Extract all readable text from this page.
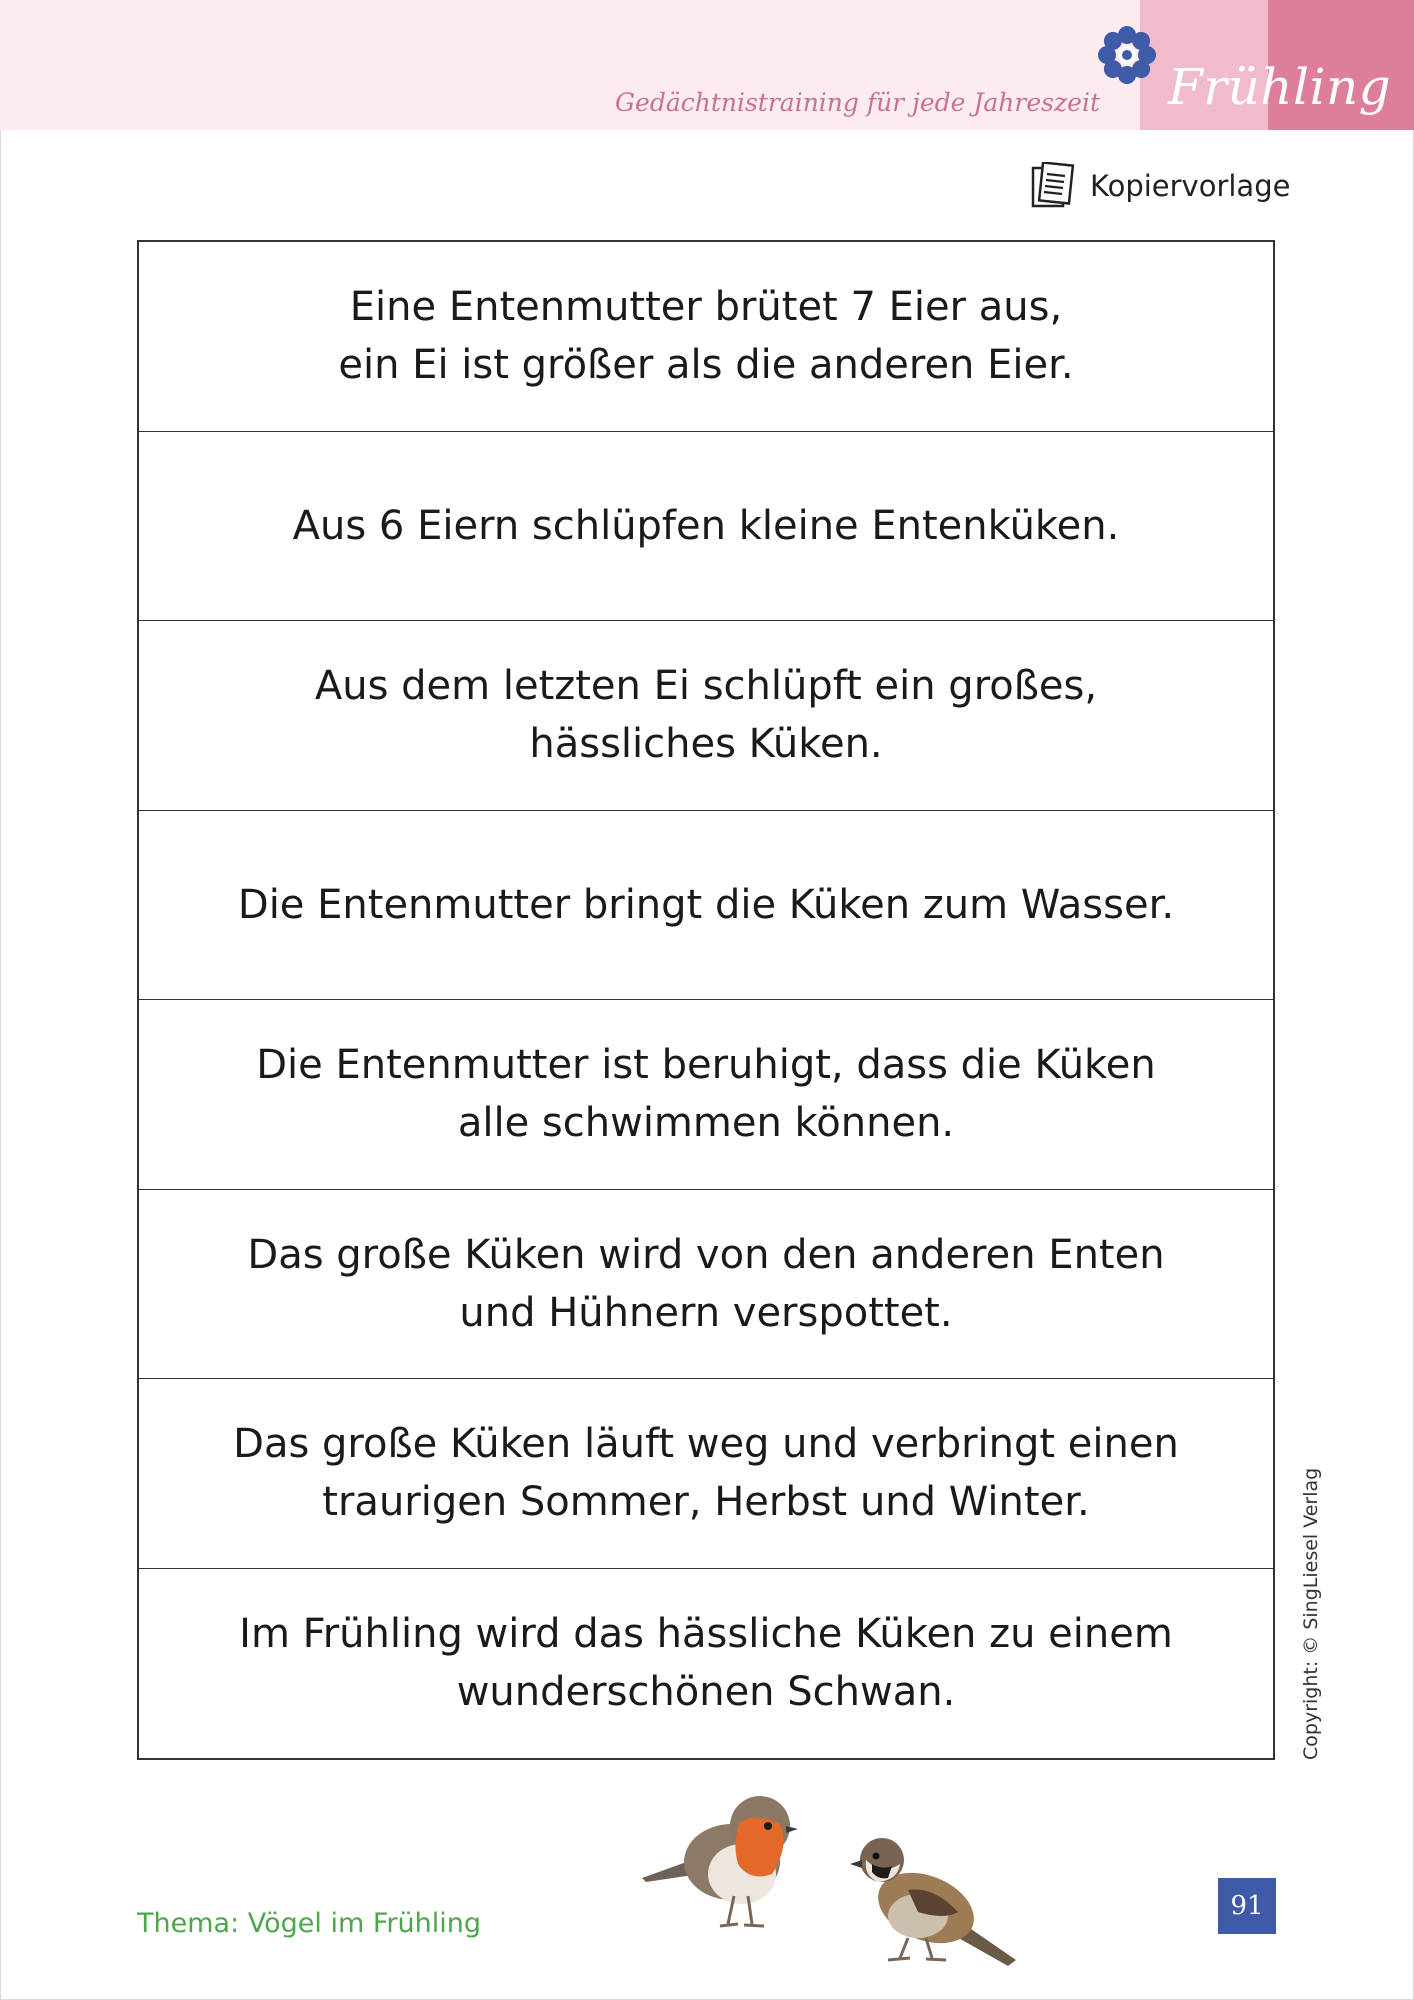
Gedächtnistraining für jede Jahreszeit Frühling
Kopiervorlage
Eine Entenmutter brütet 7 Eier aus,
ein Ei ist größer als die anderen Eier.
Aus 6 Eiern schlüpfen kleine Entenküken.
Aus dem letzten Ei schlüpft ein großes,
hässliches Küken.
Die Entenmutter bringt die Küken zum Wasser.
Die Entenmutter ist beruhigt, dass die Küken
alle schwimmen können.
Das große Küken wird von den anderen Enten
und Hühnern verspottet.
Das große Küken läuft weg und verbringt einen
traurigen Sommer, Herbst und Winter.
Im Frühling wird das hässliche Küken zu einem
wunderschönen Schwan.	Copyright: © SingLiesel Verlag
Thema: Vögel im Frühling
91
